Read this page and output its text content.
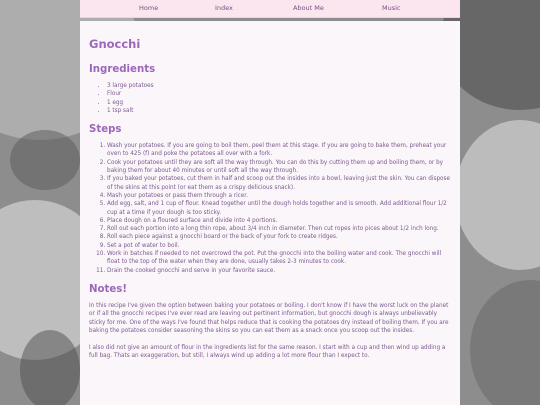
Home	Index	About Me	Music
Gnocchi
Ingredients
• 3 large potatoes
• Flour
• 1 egg
• 1 tsp salt
Steps
1. Wash your potatoes. If you are going to boil them, peel them at this stage. If you are going to bake them, preheat your oven to 425 (f) and poke the potatoes all over with a fork.
2. Cook your potatoes until they are soft all the way through. You can do this by cutting them up and boiling them, or by baking them for about 40 minutes or until soft all the way through.
3. If you baked your potatoes, cut them in half and scoop out the insides into a bowl, leaving just the skin. You can dispose of the skins at this point (or eat them as a crispy delicious snack).
4. Mash your potatoes or pass them through a ricer.
5. Add egg, salt, and 1 cup of flour. Knead together until the dough holds together and is smooth. Add additional flour 1/2 cup at a time if your dough is too sticky.
6. Place dough on a floured surface and divide into 4 portions.
7. Roll out each portion into a long thin rope, about 3/4 inch in diameter. Then cut ropes into pices about 1/2 inch long.
8. Roll each piece against a gnocchi board or the back of your fork to create ridges.
9. Set a pot of water to boil.
10. Work in batches if needed to not overcrowd the pot. Put the gnocchi into the boiling water and cook. The gnocchi will float to the top of the water when they are done, usually takes 2-3 minutes to cook.
11. Drain the cooked gnocchi and serve in your favorite sauce.
Notes!

In this recipe I've given the option between baking your potatoes or boiling. I don't know if I have the worst luck on the planet or if all the gnocchi recipes I've ever read are leaving out pertinent information, but gnocchi dough is always unbelievably sticky for me. One of the ways I've found that helps reduce that is cooking the potatoes dry instead of boiling them. If you are baking the potatoes consider seasoning the skins so you can eat them as a snack once you scoop out the insides.

I also did not give an amount of flour in the ingredients list for the same reason. I start with a cup and then wind up adding a full bag. Thats an exaggeration, but still, I always wind up adding a lot more flour than I expect to.
